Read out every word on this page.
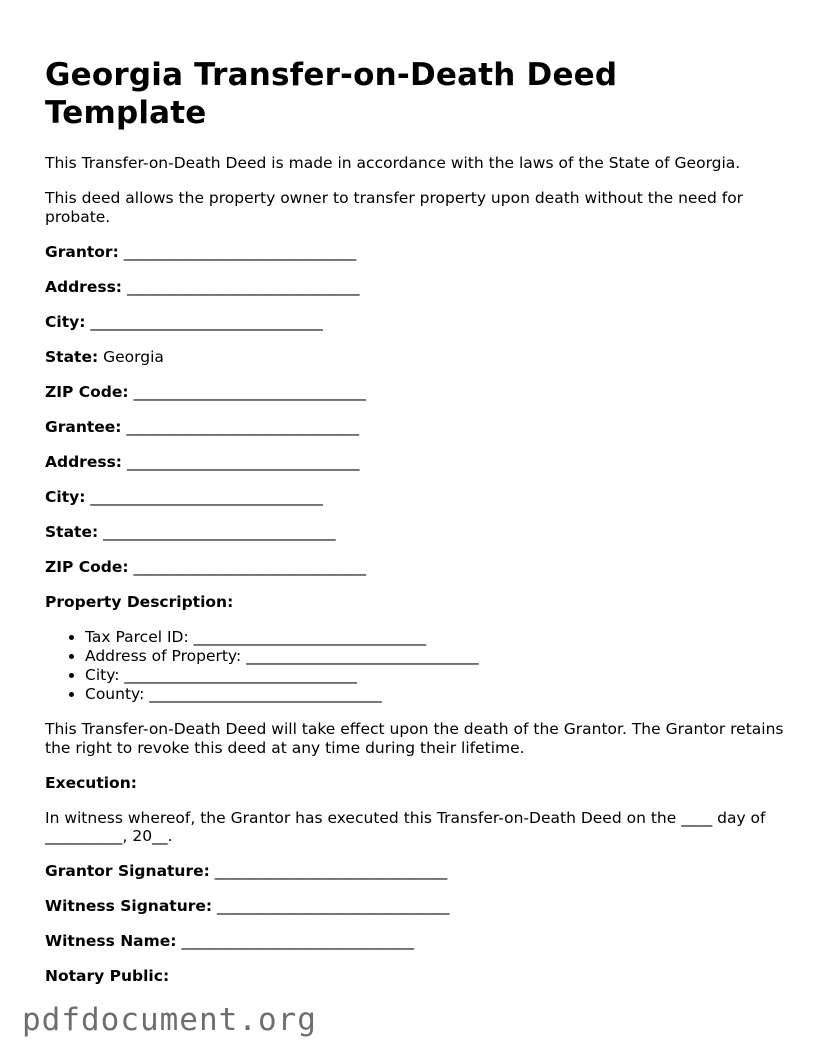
Georgia Transfer-on-Death Deed Template

This Transfer-on-Death Deed is made in accordance with the laws of the State of Georgia.

This deed allows the property owner to transfer property upon death without the need for probate.

Grantor: ______________________________
Address: ______________________________
City: ______________________________
State: Georgia
ZIP Code: ______________________________
Grantee: ______________________________
Address: ______________________________
City: ______________________________
State: ______________________________
ZIP Code: ______________________________
Property Description:
• Tax Parcel ID: ______________________________
• Address of Property: ______________________________
• City: ______________________________
• County: ______________________________

This Transfer-on-Death Deed will take effect upon the death of the Grantor. The Grantor retains the right to revoke this deed at any time during their lifetime.

Execution:

In witness whereof, the Grantor has executed this Transfer-on-Death Deed on the ____ day of __________, 20__.

Grantor Signature: ______________________________
Witness Signature: ______________________________
Witness Name: ______________________________
Notary Public:
pdfdocument.org
